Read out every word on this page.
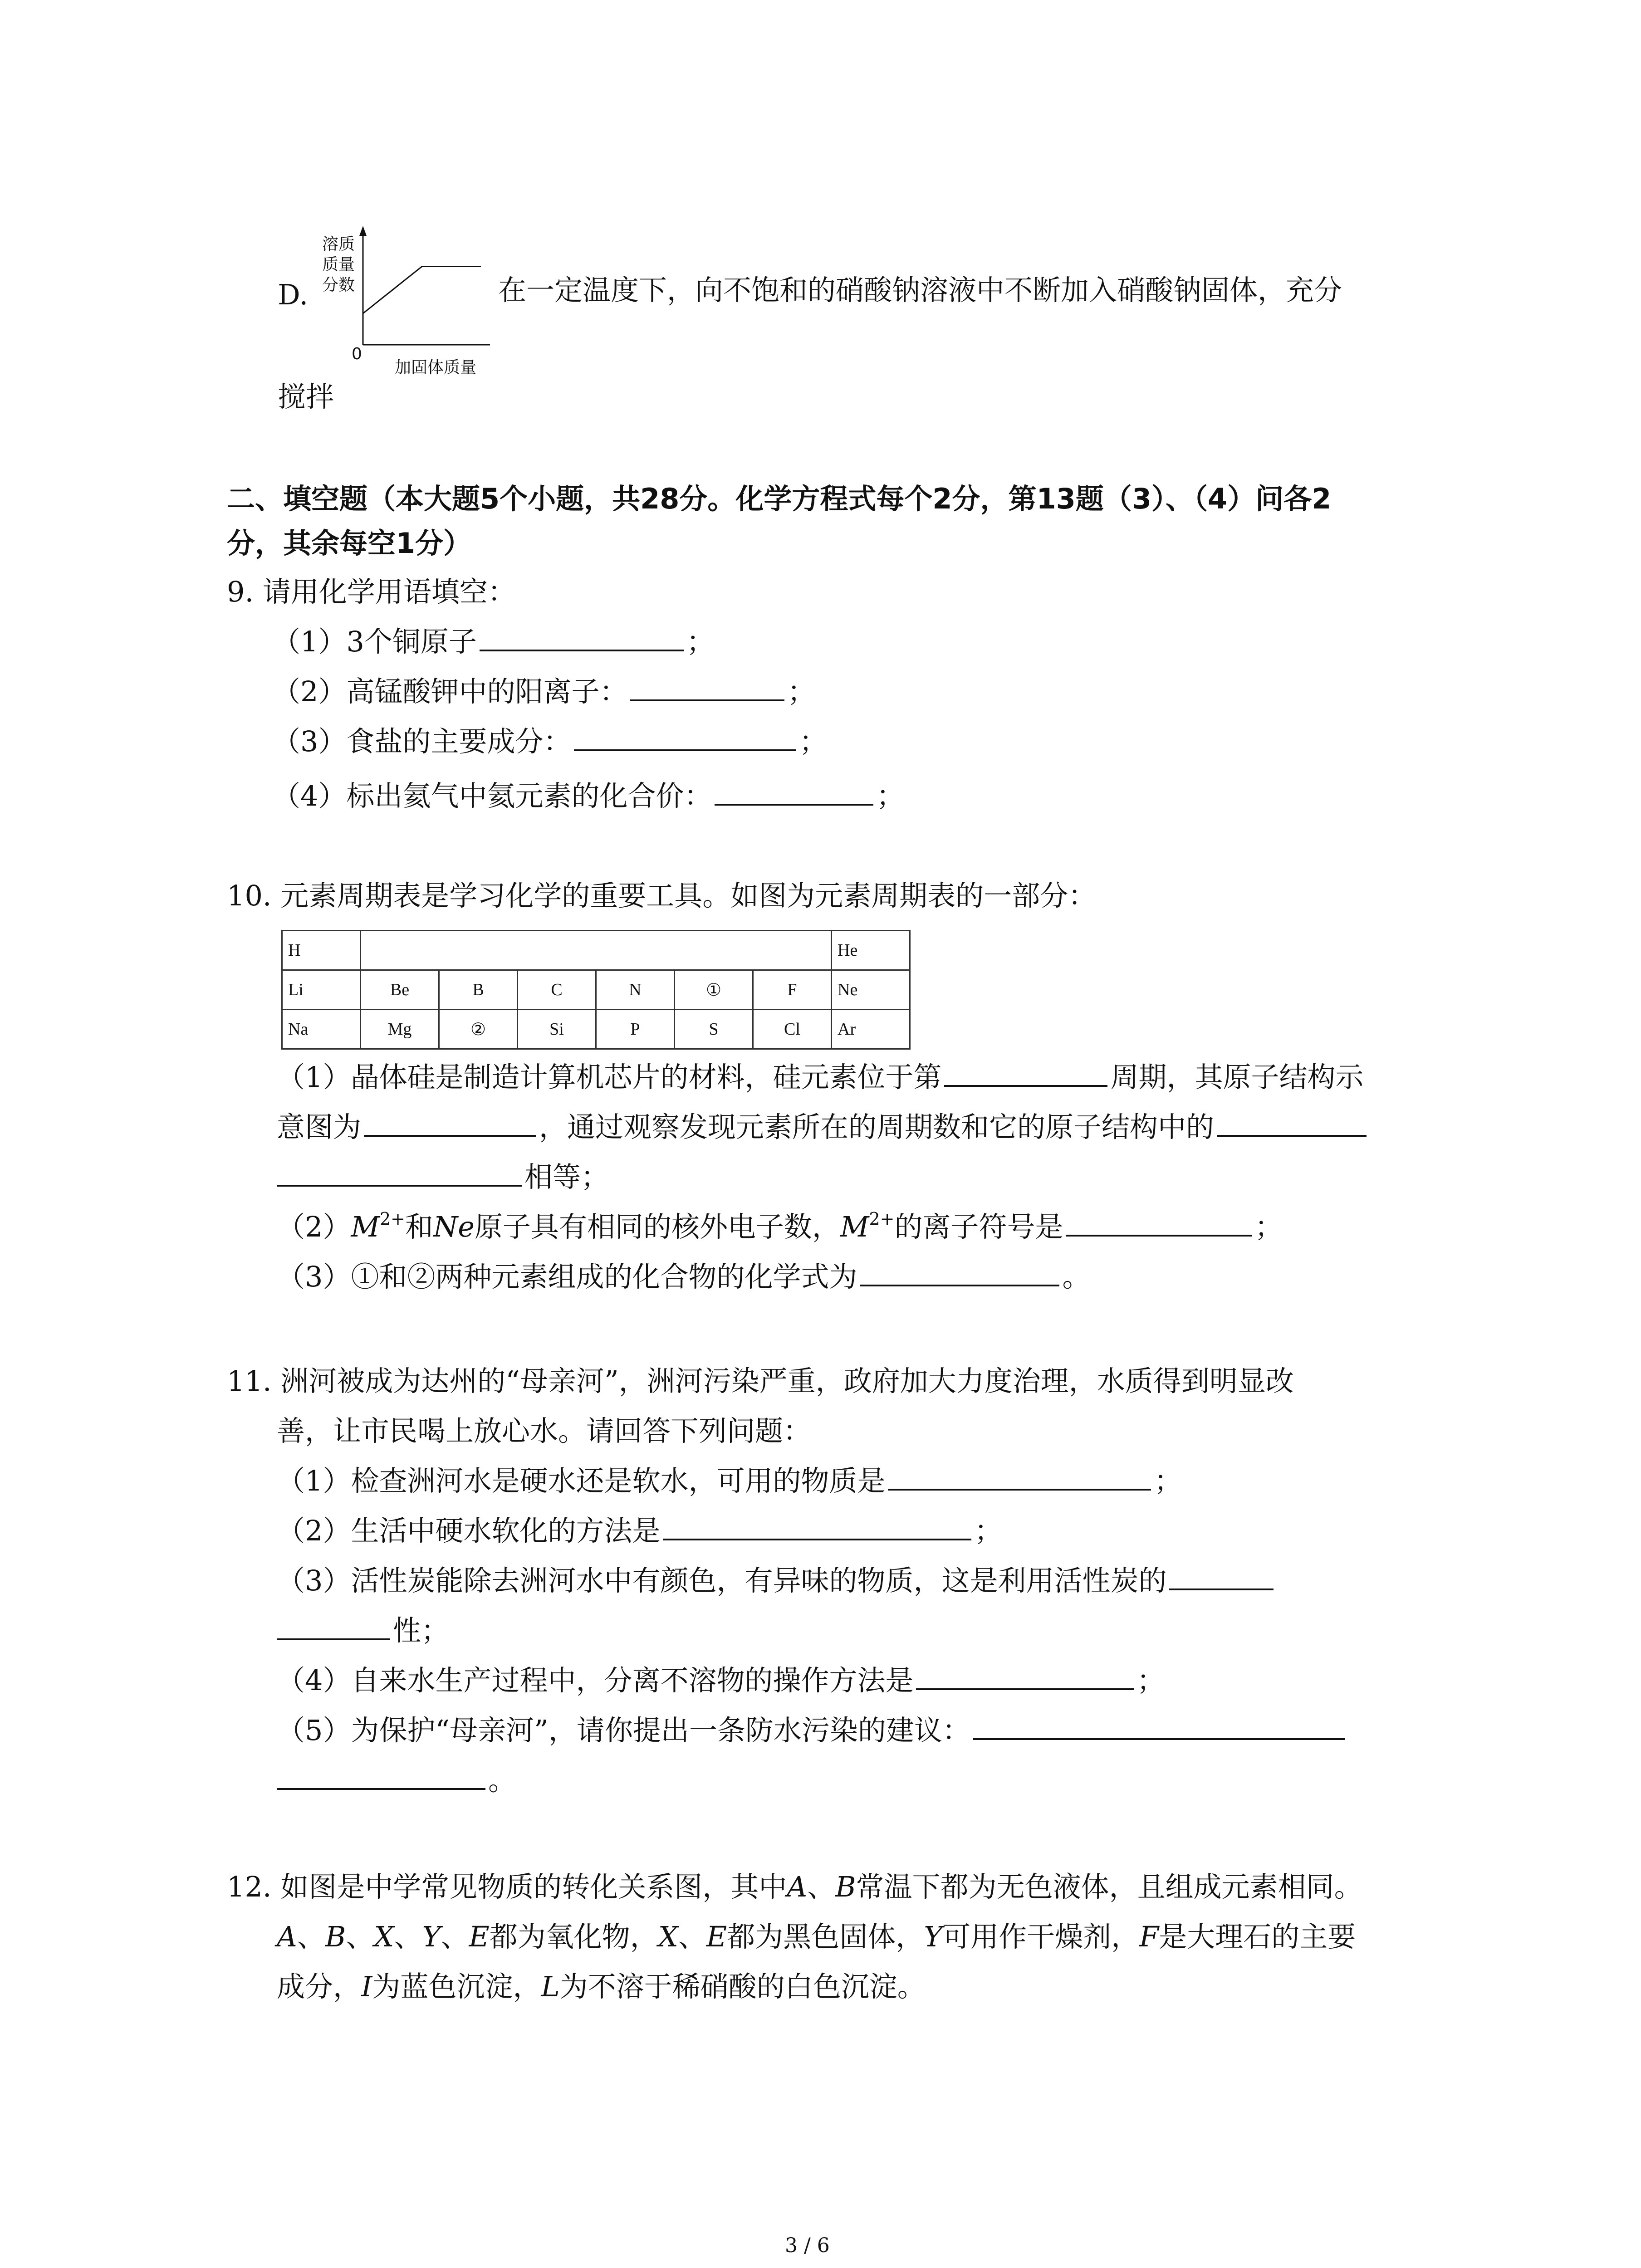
溶质
质量
分数
0
加固体质量
D.	在一定温度下，向不饱和的硝酸钠溶液中不断加入硝酸钠固体，充分
搅拌
二、填空题（本大题5个小题，共28分。化学方程式每个2分，第13题（3）、（4）问各2
分，其余每空1分）
9. 请用化学用语填空：
（1）3个铜原子	；
（2）高锰酸钾中的阳离子：	；
（3）食盐的主要成分：	；
（4）标出氦气中氦元素的化合价：	；
10. 元素周期表是学习化学的重要工具。如图为元素周期表的一部分：
H							He
Li	Be	B	C	N	①	F	Ne
Na	Mg	②	Si	P	S	Cl	Ar
（1）晶体硅是制造计算机芯片的材料，硅元素位于第	周期，其原子结构示
意图为	，通过观察发现元素所在的周期数和它的原子结构中的
相等；
$(2)M^{2+}$和Ne原子具有相同的核外电子数，$M^{2+}$的离子符号是	；
（3）①和②两种元素组成的化合物的化学式为	。
11. 洲河被成为达州的“母亲河”，洲河污染严重，政府加大力度治理，水质得到明显改
善，让市民喝上放心水。请回答下列问题：
（1）检查洲河水是硬水还是软水，可用的物质是	；
（2）生活中硬水软化的方法是	；
（3）活性炭能除去洲河水中有颜色，有异味的物质，这是利用活性炭的
性；
（4）自来水生产过程中，分离不溶物的操作方法是	；
（5）为保护“母亲河”，请你提出一条防水污染的建议：
。
12. 如图是中学常见物质的转化关系图，其中A、B常温下都为无色液体，且组成元素相同。
A、B、X、Y、E都为氧化物，X、E都为黑色固体，Y可用作干燥剂，F是大理石的主要
成分，I为蓝色沉淀，L为不溶于稀硝酸的白色沉淀。
3 / 6
